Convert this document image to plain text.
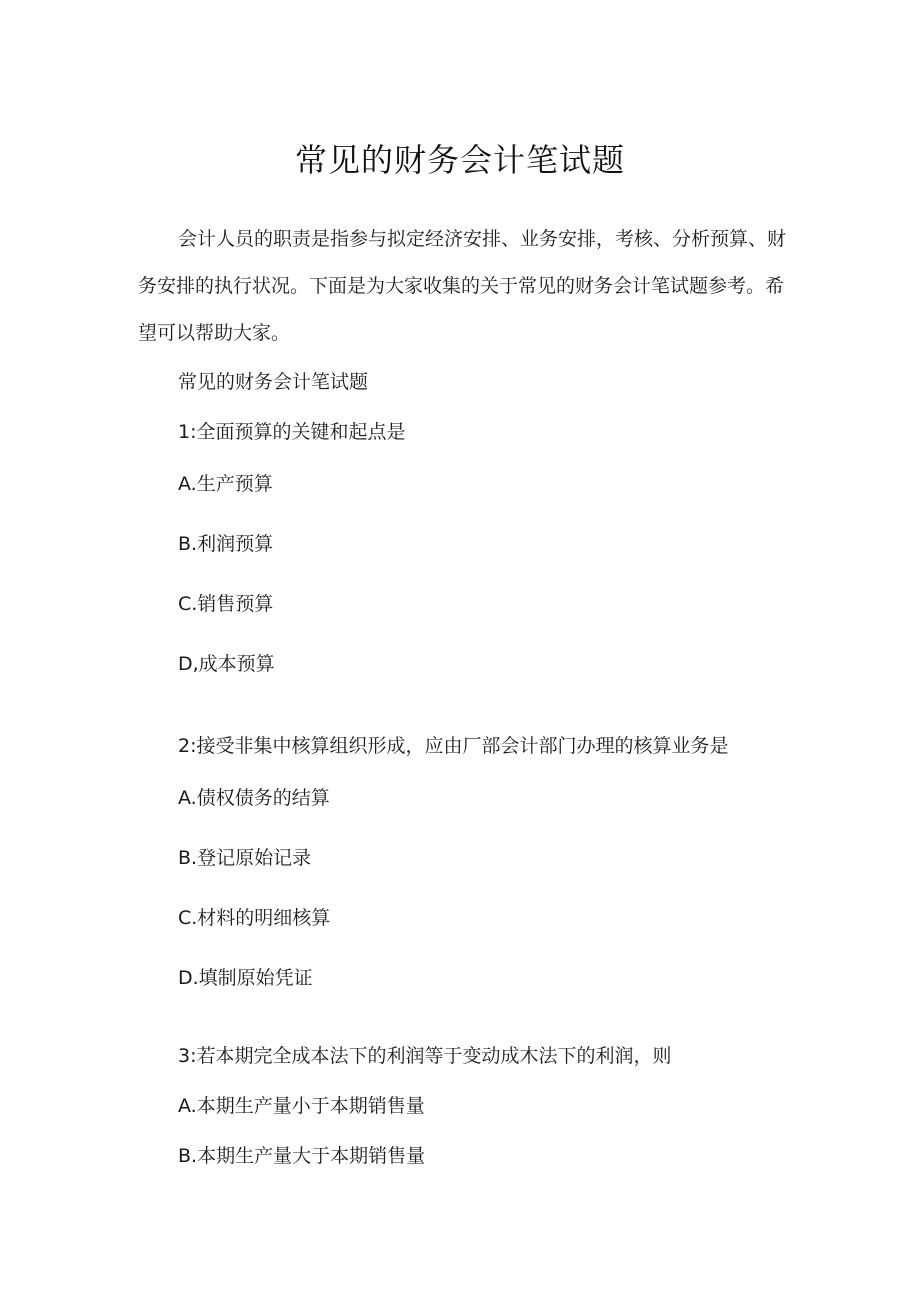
常见的财务会计笔试题
会计人员的职责是指参与拟定经济安排、业务安排，考核、分析预算、财务安排的执行状况。下面是为大家收集的关于常见的财务会计笔试题参考。希望可以帮助大家。
常见的财务会计笔试题
1:全面预算的关键和起点是
A.生产预算
B.利润预算
C.销售预算
D,成本预算
2:接受非集中核算组织形成，应由厂部会计部门办理的核算业务是
A.债权债务的结算
B.登记原始记录
C.材料的明细核算
D.填制原始凭证
3:若本期完全成本法下的利润等于变动成木法下的利润，则
A.本期生产量小于本期销售量
B.本期生产量大于本期销售量
